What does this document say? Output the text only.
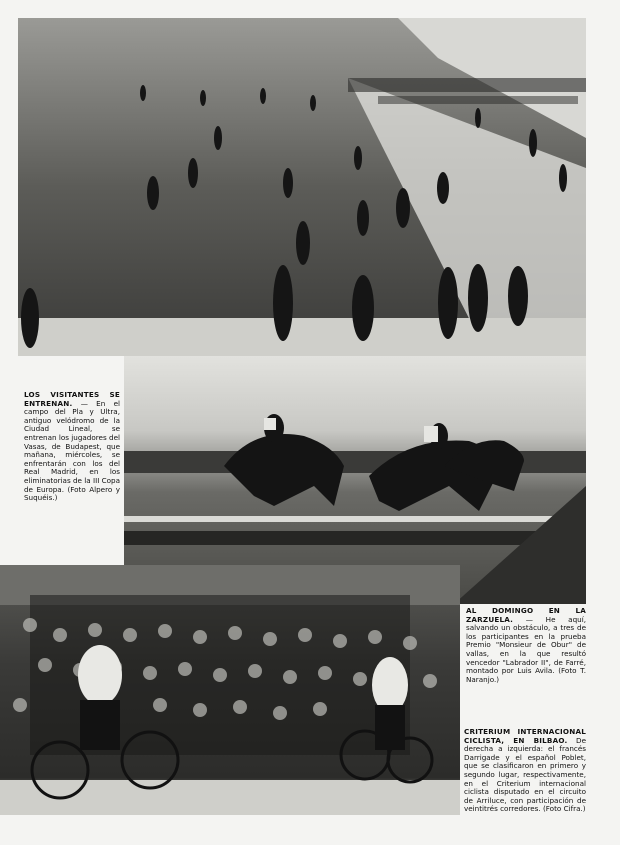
LOS VISITANTES SE ENTRENAN. — En el campo del Pla y Ultra, antiguo velódromo de la Ciudad Lineal, se entrenan los jugadores del Vasas, de Budapest, que mañana, miércoles, se enfrentarán con los del Real Madrid, en los eliminatorias de la III Copa de Europa. (Foto Alpero y Suquéis.)
AL DOMINGO EN LA ZARZUELA. — He aquí, salvando un obstáculo, a tres de los participantes en la prueba Premio "Monsieur de Obur" de vallas, en la que resultó vencedor "Labrador II", de Farré, montado por Luis Avila. (Foto T. Naranjo.)
CRITERIUM INTERNACIONAL CICLISTA, EN BILBAO. De derecha a izquierda: el francés Darrigade y el español Poblet, que se clasificaron en primero y segundo lugar, respectivamente, en el Criterium internacional ciclista disputado en el circuito de Arriluce, con participación de veintitrés corredores. (Foto Cifra.)
